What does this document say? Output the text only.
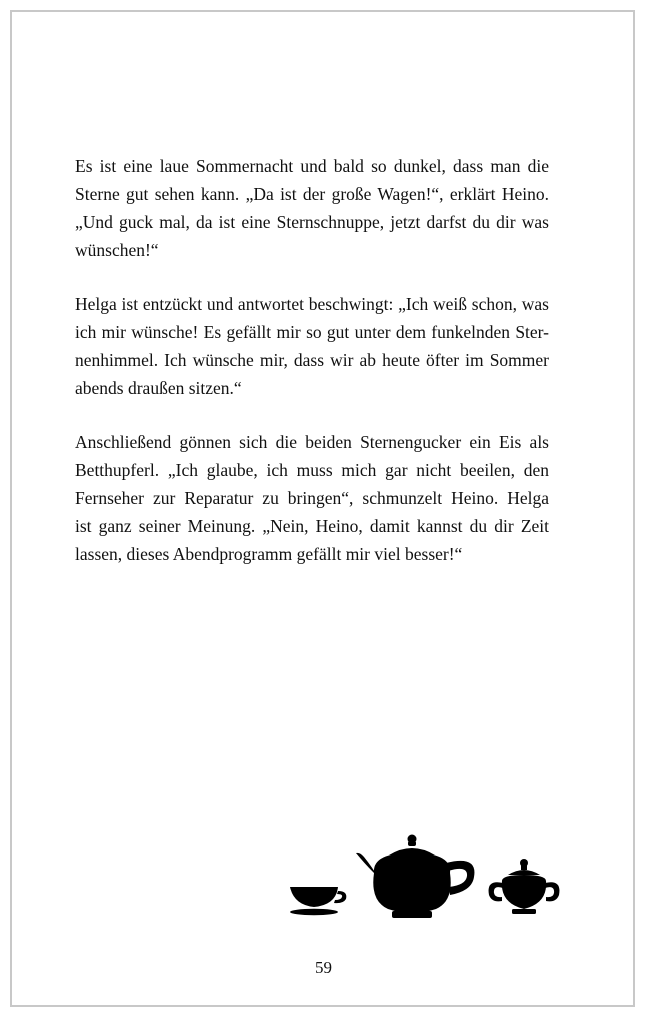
Es ist eine laue Sommernacht und bald so dunkel, dass man die
Sterne gut sehen kann. „Da ist der große Wagen!“, erklärt Heino.
„Und guck mal, da ist eine Sternschnuppe, jetzt darfst du dir was
wünschen!“
Helga ist entzückt und antwortet beschwingt: „Ich weiß schon, was
ich mir wünsche! Es gefällt mir so gut unter dem funkelnden Ster-
nenhimmel. Ich wünsche mir, dass wir ab heute öfter im Sommer
abends draußen sitzen.“
Anschließend gönnen sich die beiden Sternengucker ein Eis als
Betthupferl. „Ich glaube, ich muss mich gar nicht beeilen, den
Fernseher zur Reparatur zu bringen“, schmunzelt Heino. Helga
ist ganz seiner Meinung. „Nein, Heino, damit kannst du dir Zeit
lassen, dieses Abendprogramm gefällt mir viel besser!“
59
